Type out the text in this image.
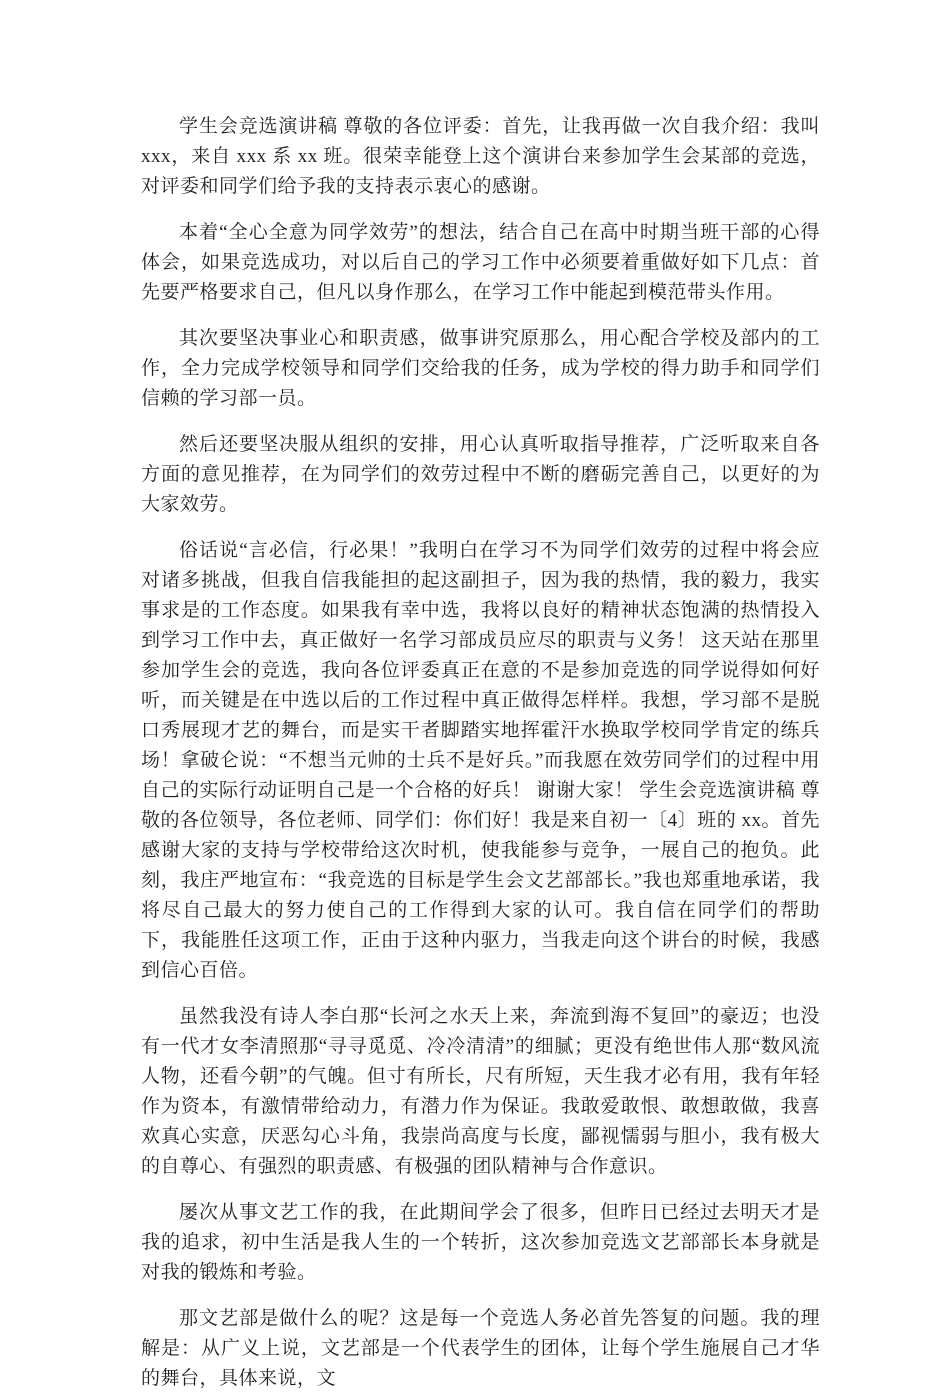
学生会竞选演讲稿 尊敬的各位评委：首先，让我再做一次自我介绍：我叫 xxx，来自 xxx 系 xx 班。很荣幸能登上这个演讲台来参加学生会某部的竞选，对评委和同学们给予我的支持表示衷心的感谢。

本着“全心全意为同学效劳”的想法，结合自己在高中时期当班干部的心得体会，如果竞选成功，对以后自己的学习工作中必须要着重做好如下几点：首先要严格要求自己，但凡以身作那么，在学习工作中能起到模范带头作用。

其次要坚决事业心和职责感，做事讲究原那么，用心配合学校及部内的工作，全力完成学校领导和同学们交给我的任务，成为学校的得力助手和同学们信赖的学习部一员。

然后还要坚决服从组织的安排，用心认真听取指导推荐，广泛听取来自各方面的意见推荐，在为同学们的效劳过程中不断的磨砺完善自己，以更好的为大家效劳。

俗话说“言必信，行必果！”我明白在学习不为同学们效劳的过程中将会应对诸多挑战，但我自信我能担的起这副担子，因为我的热情，我的毅力，我实事求是的工作态度。如果我有幸中选，我将以良好的精神状态饱满的热情投入到学习工作中去，真正做好一名学习部成员应尽的职责与义务！ 这天站在那里参加学生会的竞选，我向各位评委真正在意的不是参加竞选的同学说得如何好听，而关键是在中选以后的工作过程中真正做得怎样样。我想，学习部不是脱口秀展现才艺的舞台，而是实干者脚踏实地挥霍汗水换取学校同学肯定的练兵场！拿破仑说：“不想当元帅的士兵不是好兵。”而我愿在效劳同学们的过程中用自己的实际行动证明自己是一个合格的好兵！ 谢谢大家！ 学生会竞选演讲稿 尊敬的各位领导，各位老师、同学们：你们好！我是来自初一〔4〕班的 xx。首先感谢大家的支持与学校带给这次时机，使我能参与竞争，一展自己的抱负。此刻，我庄严地宣布：“我竞选的目标是学生会文艺部部长。”我也郑重地承诺，我将尽自己最大的努力使自己的工作得到大家的认可。我自信在同学们的帮助下，我能胜任这项工作，正由于这种内驱力，当我走向这个讲台的时候，我感到信心百倍。

虽然我没有诗人李白那“长河之水天上来，奔流到海不复回”的豪迈；也没有一代才女李清照那“寻寻觅觅、冷冷清清”的细腻；更没有绝世伟人那“数风流人物，还看今朝”的气魄。但寸有所长，尺有所短，天生我才必有用，我有年轻作为资本，有激情带给动力，有潜力作为保证。我敢爱敢恨、敢想敢做，我喜欢真心实意，厌恶勾心斗角，我崇尚高度与长度，鄙视懦弱与胆小，我有极大的自尊心、有强烈的职责感、有极强的团队精神与合作意识。

屡次从事文艺工作的我，在此期间学会了很多，但昨日已经过去明天才是我的追求，初中生活是我人生的一个转折，这次参加竞选文艺部部长本身就是对我的锻炼和考验。

那文艺部是做什么的呢？这是每一个竞选人务必首先答复的问题。我的理解是：从广义上说，文艺部是一个代表学生的团体，让每个学生施展自己才华的舞台，具体来说，文
